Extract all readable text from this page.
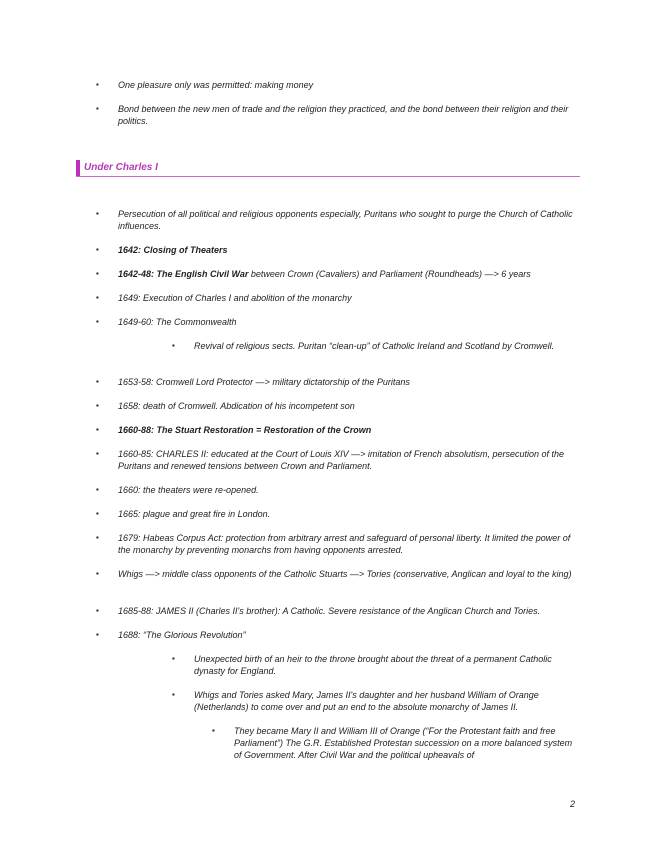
▪	One pleasure only was permitted: making money
▪	Bond between the new men of trade and the religion they practiced, and the bond between their religion and their politics.
Under Charles I
▪	Persecution of all political and religious opponents especially, Puritans who sought to purge the Church of Catholic influences.
▪	1642: Closing of Theaters
▪	1642-48: The English Civil War between Crown (Cavaliers) and Parliament (Roundheads) —> 6 years
▪	1649: Execution of Charles I and abolition of the monarchy
▪	1649-60: The Commonwealth
▪	Revival of religious sects. Puritan “clean-up” of Catholic Ireland and Scotland by Cromwell.
▪	1653-58: Cromwell Lord Protector —> military dictatorship of the Puritans
▪	1658: death of Cromwell. Abdication of his incompetent son
▪	1660-88: The Stuart Restoration = Restoration of the Crown
▪	1660-85: CHARLES II: educated at the Court of Louis XIV —> imitation of French absolutism, persecution of the Puritans and renewed tensions between Crown and Parliament.
▪	1660: the theaters were re-opened.
▪	1665: plague and great fire in London.
▪	1679: Habeas Corpus Act: protection from arbitrary arrest and safeguard of personal liberty. It limited the power of the monarchy by preventing monarchs from having opponents arrested.
▪	Whigs —> middle class opponents of the Catholic Stuarts —> Tories (conservative, Anglican and loyal to the king)
▪	1685-88: JAMES II (Charles II's brother): A Catholic. Severe resistance of the Anglican Church and Tories.
▪	1688: “The Glorious Revolution”
▪	Unexpected birth of an heir to the throne brought about the threat of a permanent Catholic dynasty for England.
▪	Whigs and Tories asked Mary, James II's daughter and her husband William of Orange (Netherlands) to come over and put an end to the absolute monarchy of James II.
▪	They became Mary II and William III of Orange (“For the Protestant faith and free Parliament”) The G.R. Established Protestan succession on a more balanced system of Government. After Civil War and the political upheavals of
2
